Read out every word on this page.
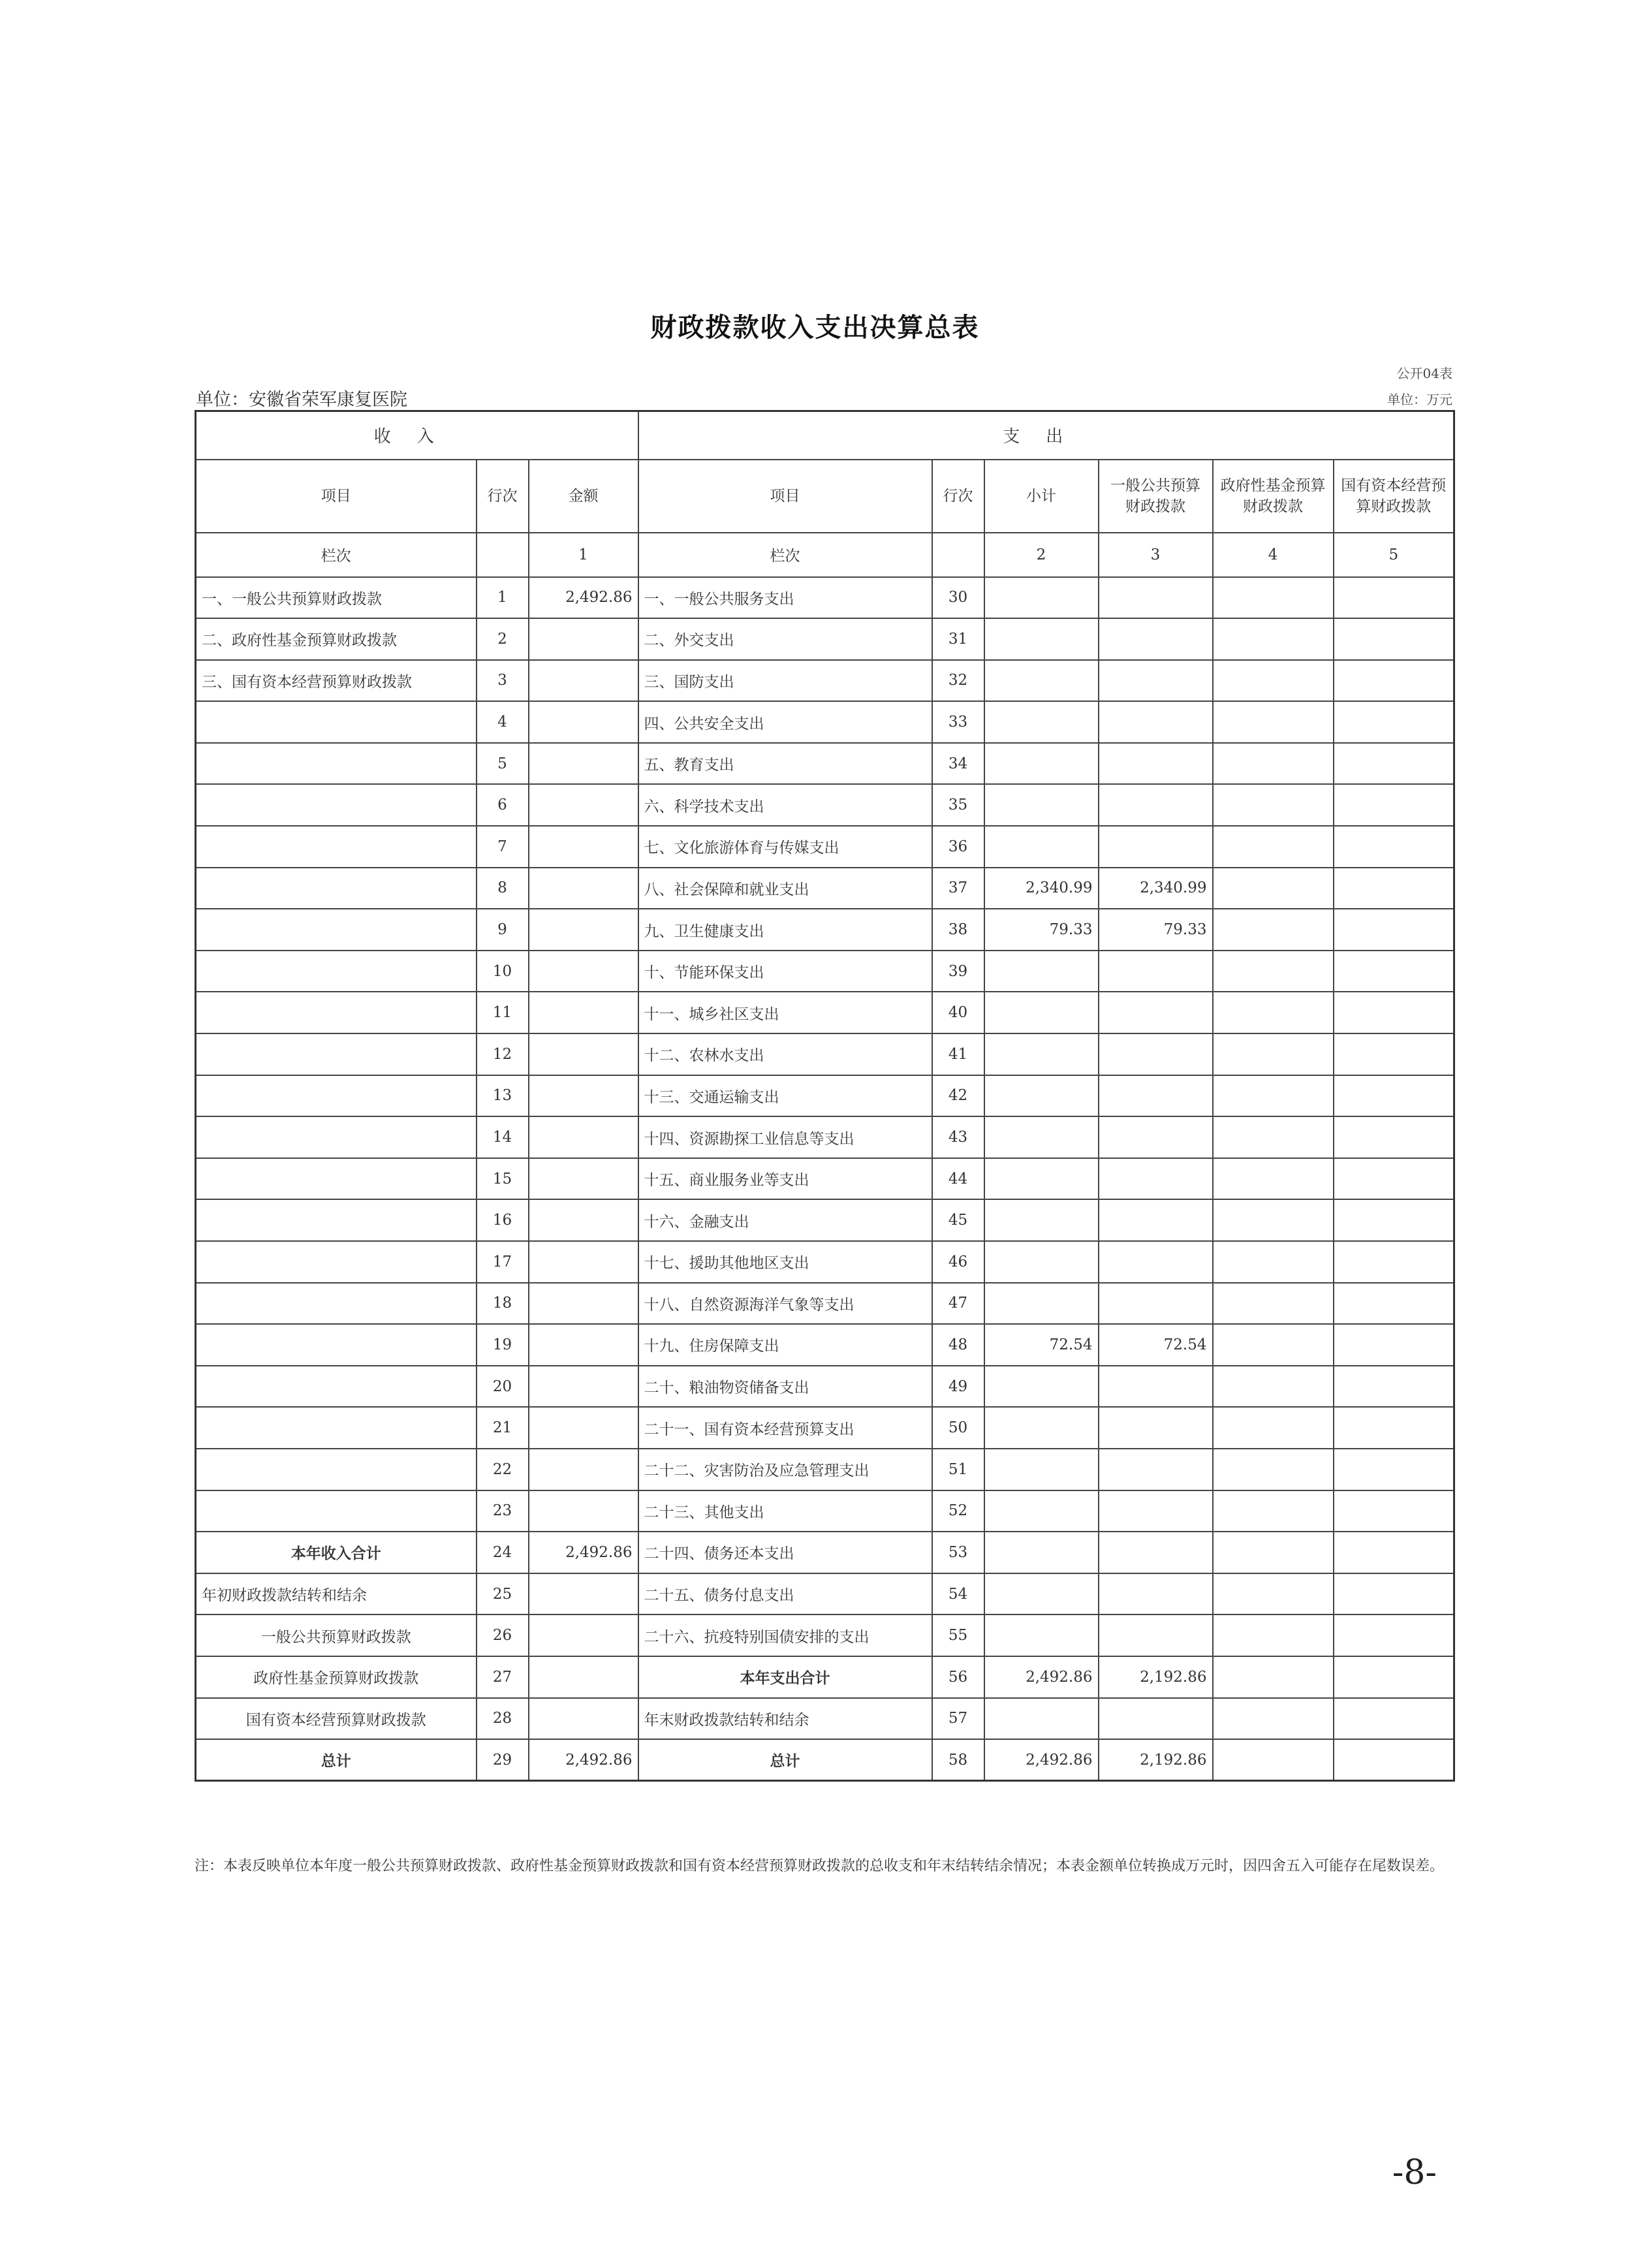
财政拨款收入支出决算总表
公开04表
单位：安徽省荣军康复医院	单位：万元
收入			支出					
项目	行次	金额	项目	行次	小计	一般公共预算财政拨款	政府性基金预算财政拨款	国有资本经营预算财政拨款
栏次		1	栏次		2	3	4	5
一、一般公共预算财政拨款	1	2,492.86	一、一般公共服务支出	30				
二、政府性基金预算财政拨款	2		二、外交支出	31				
三、国有资本经营预算财政拨款	3		三、国防支出	32				
	4		四、公共安全支出	33				
	5		五、教育支出	34				
	6		六、科学技术支出	35				
	7		七、文化旅游体育与传媒支出	36				
	8		八、社会保障和就业支出	37	2,340.99	2,340.99		
	9		九、卫生健康支出	38	79.33	79.33		
	10		十、节能环保支出	39				
	11		十一、城乡社区支出	40				
	12		十二、农林水支出	41				
	13		十三、交通运输支出	42				
	14		十四、资源勘探工业信息等支出	43				
	15		十五、商业服务业等支出	44				
	16		十六、金融支出	45				
	17		十七、援助其他地区支出	46				
	18		十八、自然资源海洋气象等支出	47				
	19		十九、住房保障支出	48	72.54	72.54		
	20		二十、粮油物资储备支出	49				
	21		二十一、国有资本经营预算支出	50				
	22		二十二、灾害防治及应急管理支出	51				
	23		二十三、其他支出	52				
本年收入合计	24	2,492.86	二十四、债务还本支出	53				
年初财政拨款结转和结余	25		二十五、债务付息支出	54				
一般公共预算财政拨款	26		二十六、抗疫特别国债安排的支出	55				
政府性基金预算财政拨款	27		本年支出合计	56	2,492.86	2,192.86		
国有资本经营预算财政拨款	28		年末财政拨款结转和结余	57				
总计	29	2,492.86	总计	58	2,492.86	2,192.86		
注：本表反映单位本年度一般公共预算财政拨款、政府性基金预算财政拨款和国有资本经营预算财政拨款的总收支和年末结转结余情况；本表金额单位转换成万元时，因四舍五入可能存在尾数误差。
-8-
